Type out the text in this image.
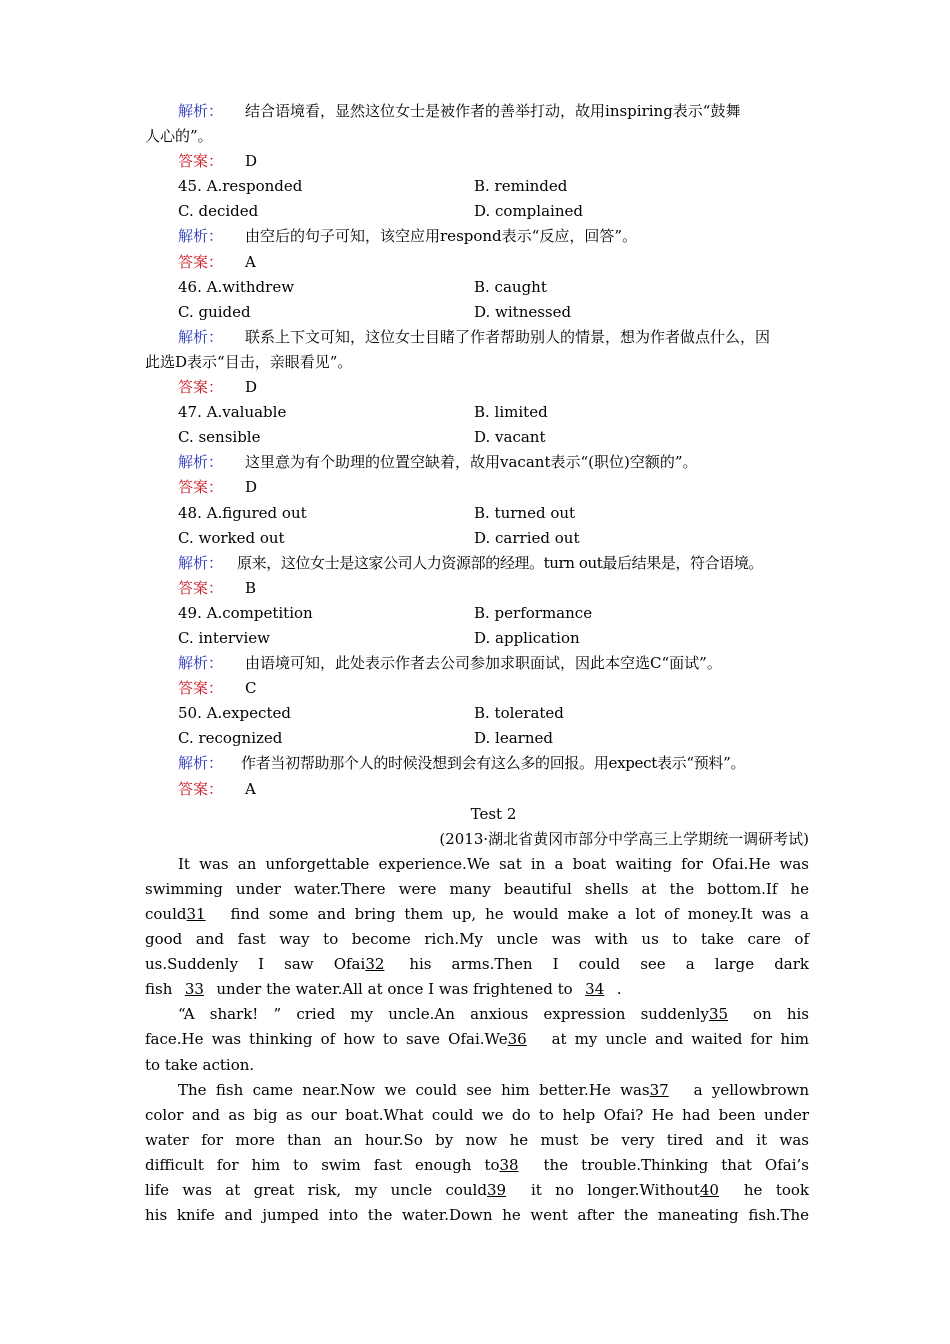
解析： 结合语境看，显然这位女士是被作者的善举打动，故用inspiring表示“鼓舞
人心的”。
答案： D
45. A.responded	B. reminded
C. decided	D. complained
解析： 由空后的句子可知，该空应用respond表示“反应，回答”。
答案： A
46. A.withdrew	B. caught
C. guided	D. witnessed
解析： 联系上下文可知，这位女士目睹了作者帮助别人的情景，想为作者做点什么，因
此选D表示“目击，亲眼看见”。
答案： D
47. A.valuable	B. limited
C. sensible	D. vacant
解析： 这里意为有个助理的位置空缺着，故用vacant表示“(职位)空额的”。
答案： D
48. A.figured out	B. turned out
C. worked out	D. carried out
解析： 原来，这位女士是这家公司人力资源部的经理。turn out最后结果是，符合语境。
答案： B
49. A.competition	B. performance
C. interview	D. application
解析： 由语境可知，此处表示作者去公司参加求职面试，因此本空选C“面试”。
答案： C
50. A.expected	B. tolerated
C. recognized	D. learned
解析： 作者当初帮助那个人的时候没想到会有这么多的回报。用expect表示“预料”。
答案： A
Test 2
(2013·湖北省黄冈市部分中学高三上学期统一调研考试)
It was an unforgettable experience.We sat in a boat waiting for Ofai.He was
swimming under water.There were many beautiful shells at the bottom.If he
could31 find some and bring them up, he would make a lot of money.It was a
good and fast way to become rich.My uncle was with us to take care of
us.Suddenly I saw Ofai32 his arms.Then I could see a large dark
fish 33 under the water.All at once I was frightened to 34 .
“A shark! ” cried my uncle.An anxious expression suddenly35 on his
face.He was thinking of how to save Ofai.We36 at my uncle and waited for him
to take action.
The fish came near.Now we could see him better.He was37 a yellowbrown
color and as big as our boat.What could we do to help Ofai? He had been under
water for more than an hour.So by now he must be very tired and it was
difficult for him to swim fast enough to38 the trouble.Thinking that Ofai’s
life was at great risk, my uncle could39 it no longer.Without40 he took
his knife and jumped into the water.Down he went after the maneating fish.The
